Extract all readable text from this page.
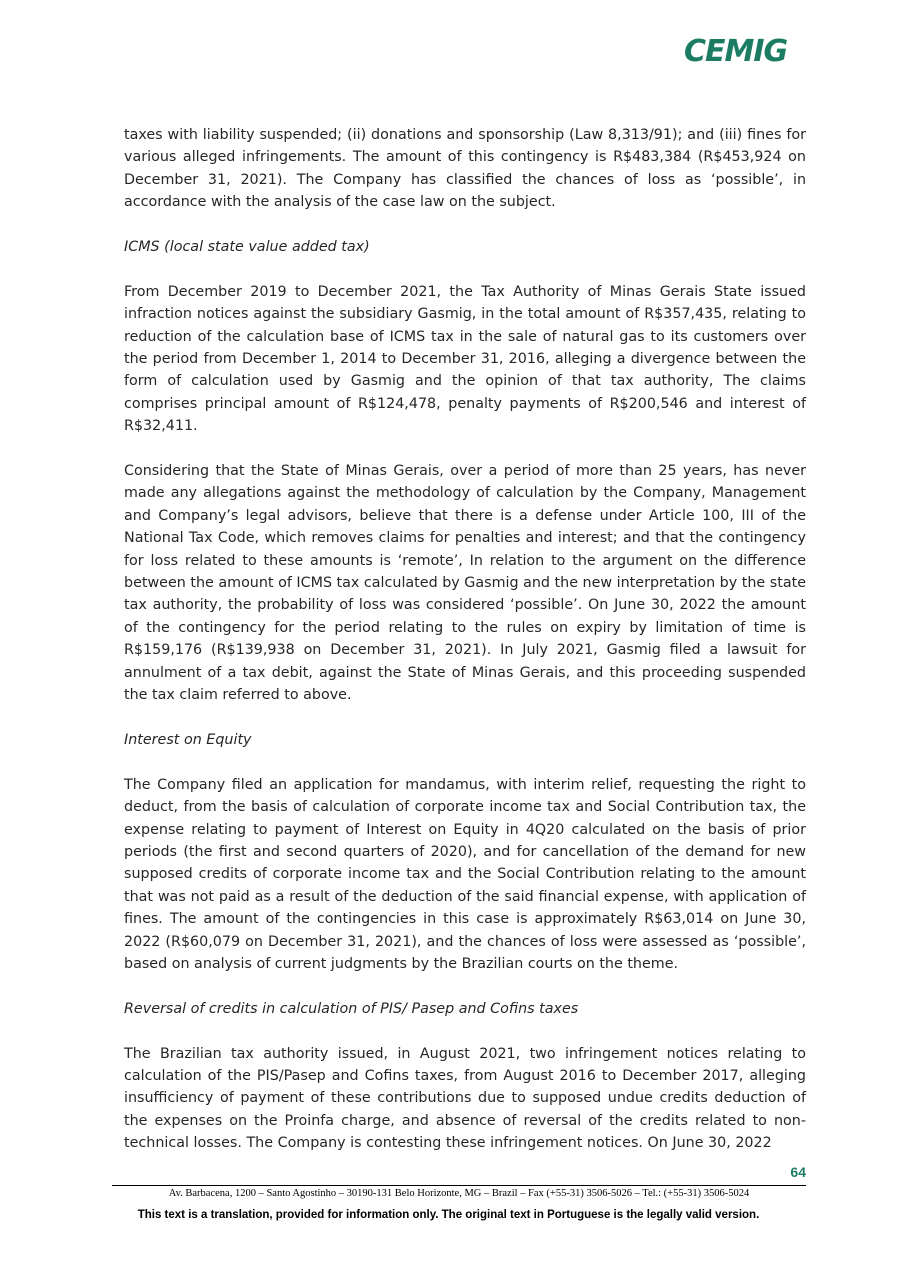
CEMIG

taxes with liability suspended; (ii) donations and sponsorship (Law 8,313/91); and (iii) fines for various alleged infringements. The amount of this contingency is R$483,384 (R$453,924 on December 31, 2021). The Company has classified the chances of loss as ‘possible’, in accordance with the analysis of the case law on the subject.

ICMS (local state value added tax)

From December 2019 to December 2021, the Tax Authority of Minas Gerais State issued infraction notices against the subsidiary Gasmig, in the total amount of R$357,435, relating to reduction of the calculation base of ICMS tax in the sale of natural gas to its customers over the period from December 1, 2014 to December 31, 2016, alleging a divergence between the form of calculation used by Gasmig and the opinion of that tax authority, The claims comprises principal amount of R$124,478, penalty payments of R$200,546 and interest of R$32,411.

Considering that the State of Minas Gerais, over a period of more than 25 years, has never made any allegations against the methodology of calculation by the Company, Management and Company’s legal advisors, believe that there is a defense under Article 100, III of the National Tax Code, which removes claims for penalties and interest; and that the contingency for loss related to these amounts is ‘remote’, In relation to the argument on the difference between the amount of ICMS tax calculated by Gasmig and the new interpretation by the state tax authority, the probability of loss was considered ‘possible’. On June 30, 2022 the amount of the contingency for the period relating to the rules on expiry by limitation of time is R$159,176 (R$139,938 on December 31, 2021). In July 2021, Gasmig filed a lawsuit for annulment of a tax debit, against the State of Minas Gerais, and this proceeding suspended the tax claim referred to above.

Interest on Equity

The Company filed an application for mandamus, with interim relief, requesting the right to deduct, from the basis of calculation of corporate income tax and Social Contribution tax, the expense relating to payment of Interest on Equity in 4Q20 calculated on the basis of prior periods (the first and second quarters of 2020), and for cancellation of the demand for new supposed credits of corporate income tax and the Social Contribution relating to the amount that was not paid as a result of the deduction of the said financial expense, with application of fines. The amount of the contingencies in this case is approximately R$63,014 on June 30, 2022 (R$60,079 on December 31, 2021), and the chances of loss were assessed as ‘possible’, based on analysis of current judgments by the Brazilian courts on the theme.

Reversal of credits in calculation of PIS/ Pasep and Cofins taxes

The Brazilian tax authority issued, in August 2021, two infringement notices relating to calculation of the PIS/Pasep and Cofins taxes, from August 2016 to December 2017, alleging insufficiency of payment of these contributions due to supposed undue credits deduction of the expenses on the Proinfa charge, and absence of reversal of the credits related to non-technical losses. The Company is contesting these infringement notices. On June 30, 2022

64
Av. Barbacena, 1200 – Santo Agostinho – 30190-131 Belo Horizonte, MG – Brazil – Fax (+55-31) 3506-5026 – Tel.: (+55-31) 3506-5024
This text is a translation, provided for information only. The original text in Portuguese is the legally valid version.
